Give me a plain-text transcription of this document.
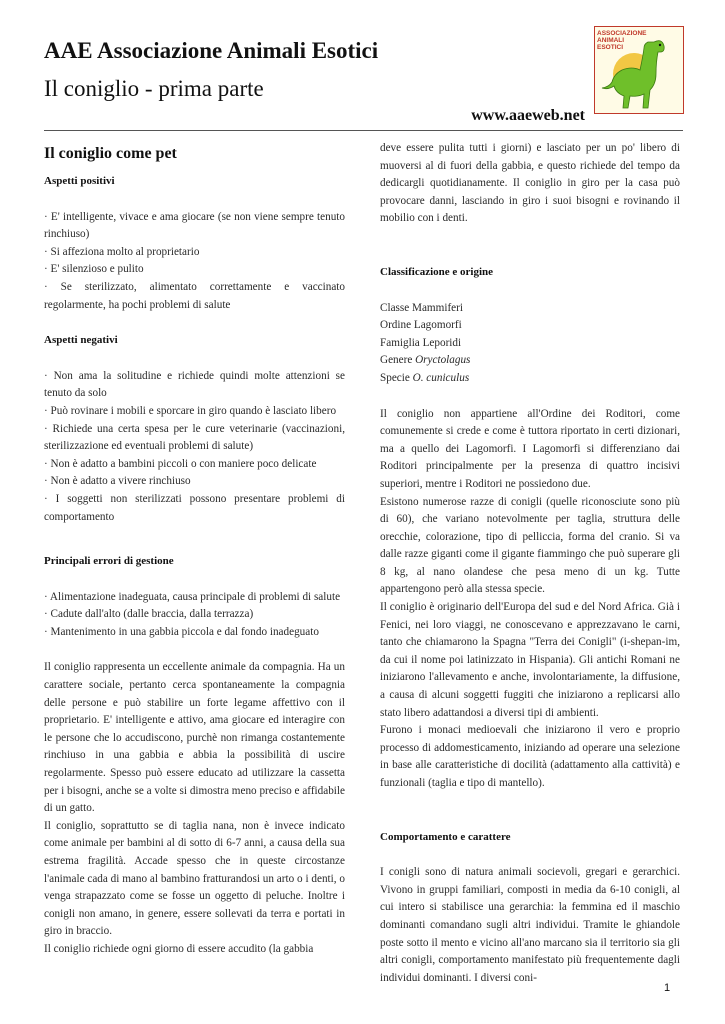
AAE Associazione Animali Esotici
Il coniglio - prima parte
www.aaeweb.net
ASSOCIAZIONE
ANIMALI
ESOTICI
Il coniglio come pet
Aspetti positivi
· E' intelligente, vivace e ama giocare (se non viene sempre tenuto rinchiuso)
· Si affeziona molto al proprietario
· E' silenzioso e pulito
· Se sterilizzato, alimentato correttamente e vaccinato regolarmente, ha pochi problemi di salute
Aspetti negativi
· Non ama la solitudine e richiede quindi molte attenzioni se tenuto da solo
· Può rovinare i mobili e sporcare in giro quando è lasciato libero
· Richiede una certa spesa per le cure veterinarie (vaccinazioni, sterilizzazione ed eventuali problemi di salute)
· Non è adatto a bambini piccoli o con maniere poco delicate
· Non è adatto a vivere rinchiuso
· I soggetti non sterilizzati possono presentare problemi di comportamento
Principali errori di gestione
· Alimentazione inadeguata, causa principale di problemi di salute
· Cadute dall'alto (dalle braccia, dalla terrazza)
· Mantenimento in una gabbia piccola e dal fondo inadeguato
Il coniglio rappresenta un eccellente animale da compagnia. Ha un carattere sociale, pertanto cerca spontaneamente la compagnia delle persone e può stabilire un forte legame affettivo con il proprietario. E' intelligente e attivo, ama giocare ed interagire con le persone che lo accudiscono, purchè non rimanga costantemente rinchiuso in una gabbia e abbia la possibilità di uscire regolarmente. Spesso può essere educato ad utilizzare la cassetta per i bisogni, anche se a volte si dimostra meno preciso e affidabile di un gatto.
Il coniglio, soprattutto se di taglia nana, non è invece indicato come animale per bambini al di sotto di 6-7 anni, a causa della sua estrema fragilità. Accade spesso che in queste circostanze l'animale cada di mano al bambino fratturandosi un arto o i denti, o venga strapazzato come se fosse un oggetto di peluche. Inoltre i conigli non amano, in genere, essere sollevati da terra e portati in giro in braccio.
Il coniglio richiede ogni giorno di essere accudito (la gabbia
deve essere pulita tutti i giorni) e lasciato per un po' libero di muoversi al di fuori della gabbia, e questo richiede del tempo da dedicargli quotidianamente. Il coniglio in giro per la casa può provocare danni, lasciando in giro i suoi bisogni e rovinando il mobilio con i denti.
Classificazione e origine
Classe Mammiferi
Ordine Lagomorfi
Famiglia Leporidi
Genere Oryctolagus
Specie O. cuniculus
Il coniglio non appartiene all'Ordine dei Roditori, come comunemente si crede e come è tuttora riportato in certi dizionari, ma a quello dei Lagomorfi. I Lagomorfi si differenziano dai Roditori principalmente per la presenza di quattro incisivi superiori, mentre i Roditori ne possiedono due.
Esistono numerose razze di conigli (quelle riconosciute sono più di 60), che variano notevolmente per taglia, struttura delle orecchie, colorazione, tipo di pelliccia, forma del cranio. Si va dalle razze giganti come il gigante fiammingo che può superare gli 8 kg, al nano olandese che pesa meno di un kg. Tutte appartengono però alla stessa specie.
Il coniglio è originario dell'Europa del sud e del Nord Africa. Già i Fenici, nei loro viaggi, ne conoscevano e apprezzavano le carni, tanto che chiamarono la Spagna "Terra dei Conigli" (i-shepan-im, da cui il nome poi latinizzato in Hispania). Gli antichi Romani ne iniziarono l'allevamento e anche, involontariamente, la diffusione, a causa di alcuni soggetti fuggiti che iniziarono a replicarsi allo stato libero adattandosi a diversi tipi di ambienti.
Furono i monaci medioevali che iniziarono il vero e proprio processo di addomesticamento, iniziando ad operare una selezione in base alle caratteristiche di docilità (adattamento alla cattività) e funzionali (taglia e tipo di mantello).
Comportamento e carattere
I conigli sono di natura animali socievoli, gregari e gerarchici. Vivono in gruppi familiari, composti in media da 6-10 conigli, al cui intero si stabilisce una gerarchia: la femmina ed il maschio dominanti comandano sugli altri individui. Tramite le ghiandole poste sotto il mento e vicino all'ano marcano sia il territorio sia gli altri conigli, comportamento manifestato più frequentemente dagli individui dominanti. I diversi coni-
1
